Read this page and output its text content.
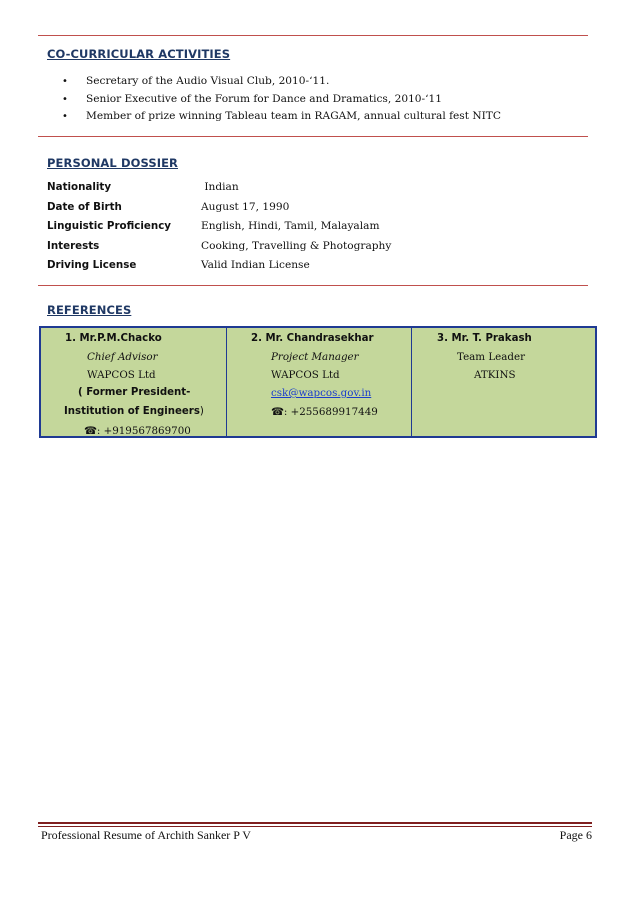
CO-CURRICULAR ACTIVITIES
• Secretary of the Audio Visual Club, 2010-‘11.
• Senior Executive of the Forum for Dance and Dramatics, 2010-‘11
• Member of prize winning Tableau team in RAGAM, annual cultural fest NITC
PERSONAL DOSSIER
Nationality	Indian
Date of Birth	August 17, 1990
Linguistic Proficiency	English, Hindi, Tamil, Malayalam
Interests	Cooking, Travelling & Photography
Driving License	Valid Indian License
REFERENCES
1. Mr.P.M.Chacko
Chief Advisor
WAPCOS Ltd
( Former President-
Institution of Engineers)
☎: +919567869700
2. Mr. Chandrasekhar
Project Manager
WAPCOS Ltd
csk@wapcos.gov.in
☎: +255689917449
3. Mr. T. Prakash
Team Leader
ATKINS
Professional Resume of Archith Sanker P V	Page 6
